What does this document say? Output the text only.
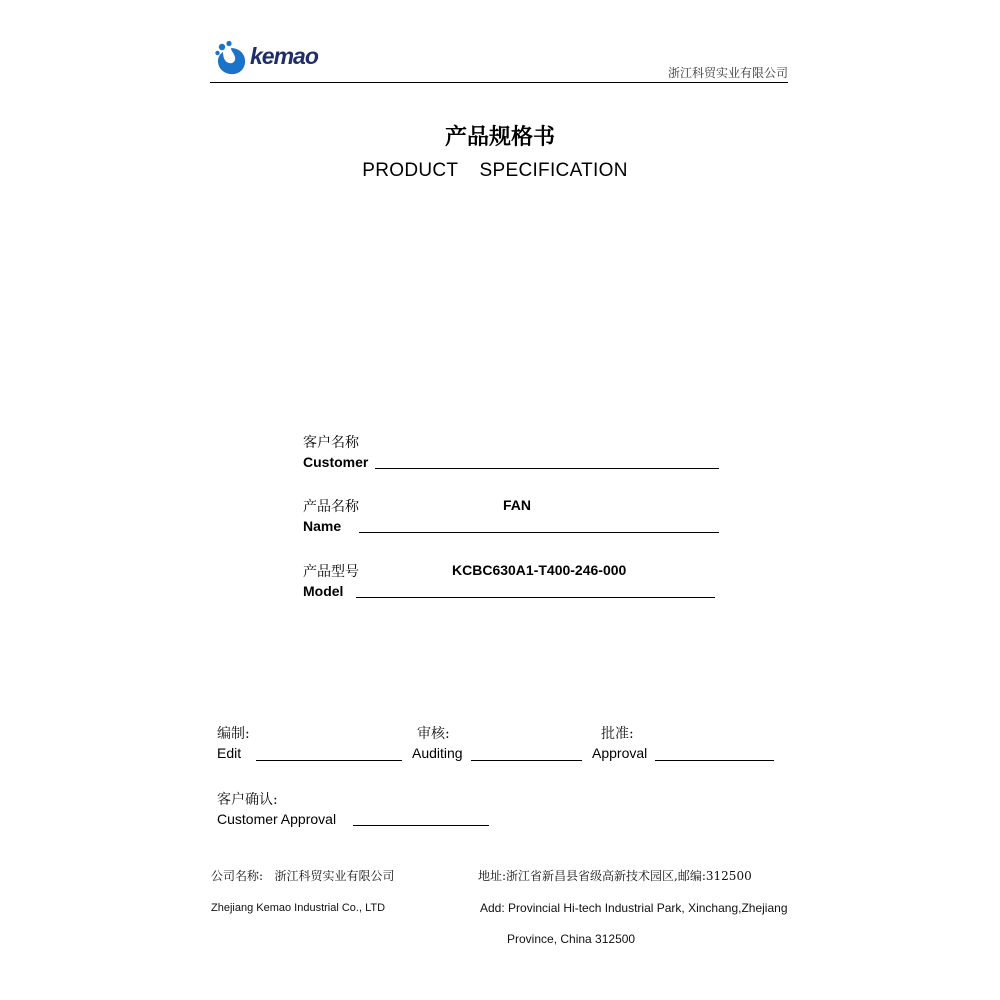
kemao
浙江科贸实业有限公司
产品规格书
PRODUCT SPECIFICATION
客户名称
Customer
产品名称	FAN
Name
产品型号	KCBC630A1-T400-246-000
Model
编制:
Edit
审核:
Auditing
批准:
Approval
客户确认:
Customer Approval
公司名称:   浙江科贸实业有限公司	地址:浙江省新昌县省级高新技术园区,邮编:312500
Zhejiang Kemao Industrial Co., LTD	Add: Provincial Hi-tech Industrial Park, Xinchang,Zhejiang
Province, China 312500
